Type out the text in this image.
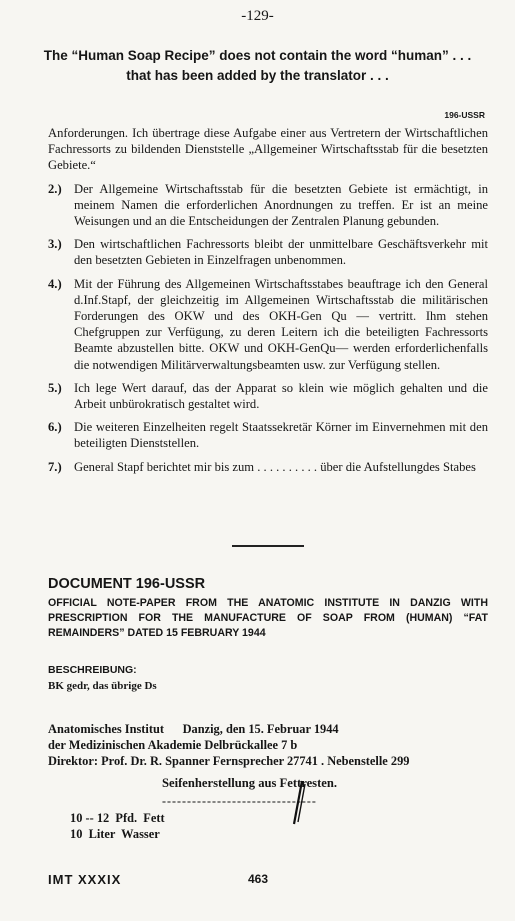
-129-
The “Human Soap Recipe” does not contain the word “human” . . .
that has been added by the translator . . .
196-USSR

Anforderungen. Ich übertrage diese Aufgabe einer aus Vertretern der Wirtschaftlichen Fachressorts zu bildenden Dienststelle „Allgemeiner Wirtschaftsstab für die besetzten Gebiete.“

2.) Der Allgemeine Wirtschaftsstab für die besetzten Gebiete ist ermächtigt, in meinem Namen die erforderlichen Anordnungen zu treffen. Er ist an meine Weisungen und an die Entscheidungen der Zentralen Planung gebunden.
3.) Den wirtschaftlichen Fachressorts bleibt der unmittelbare Geschäftsverkehr mit den besetzten Gebieten in Einzelfragen unbenommen.
4.) Mit der Führung des Allgemeinen Wirtschaftsstabes beauftrage ich den General d.Inf.Stapf, der gleichzeitig im Allgemeinen Wirtschaftsstab die militärischen Forderungen des OKW und des OKH-Gen Qu — vertritt. Ihm stehen Chefgruppen zur Verfügung, zu deren Leitern ich die beteiligten Fachressorts Beamte abzustellen bitte. OKW und OKH-GenQu— werden erforderlichenfalls die notwendigen Militärverwaltungsbeamten usw. zur Verfügung stellen.
5.) Ich lege Wert darauf, das der Apparat so klein wie möglich gehalten und die Arbeit unbürokratisch gestaltet wird.
6.) Die weiteren Einzelheiten regelt Staatssekretär Körner im Einvernehmen mit den beteiligten Dienststellen.
7.) General Stapf berichtet mir bis zum . . . . . . . . . . über die Aufstellungdes Stabes
DOCUMENT 196-USSR
OFFICIAL NOTE-PAPER FROM THE ANATOMIC INSTITUTE IN DANZIG WITH PRESCRIPTION FOR THE MANUFACTURE OF SOAP FROM (HUMAN) “FAT REMAINDERS” DATED 15 FEBRUARY 1944
BESCHREIBUNG:
BK gedr, das übrige Ds
Anatomisches Institut      Danzig, den 15. Februar 1944
der Medizinischen Akademie Delbrückallee 7 b
Direktor: Prof. Dr. R. Spanner Fernsprecher 27741 . Nebenstelle 299
Seifenherstellung aus Fettresten.
-------------------------------
10 -- 12  Pfd.  Fett
10  Liter  Wasser
IMT XXXIX	463
